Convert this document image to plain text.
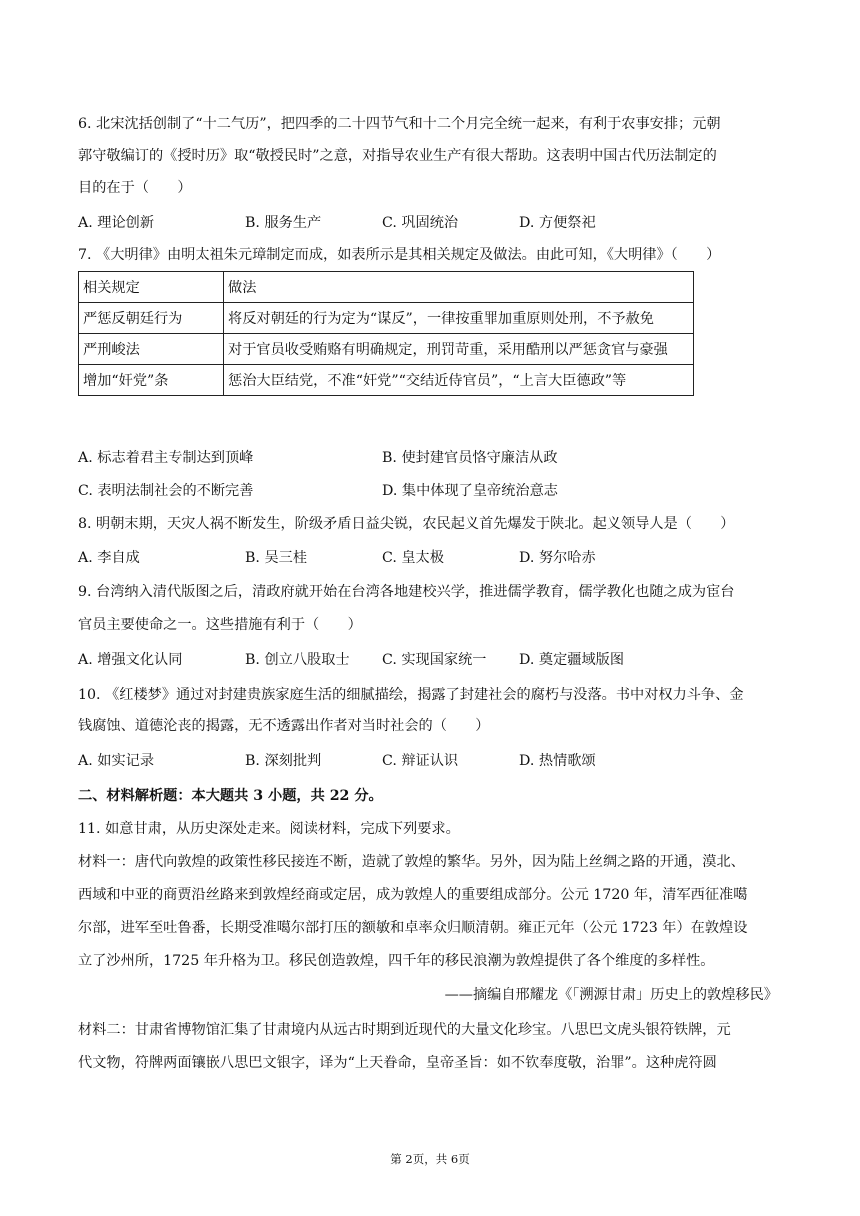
6. 北宋沈括创制了“十二气历”，把四季的二十四节气和十二个月完全统一起来，有利于农事安排；元朝
郭守敬编订的《授时历》取“敬授民时”之意，对指导农业生产有很大帮助。这表明中国古代历法制定的
目的在于（　　）
A. 理论创新	B. 服务生产	C. 巩固统治	D. 方便祭祀
7. 《大明律》由明太祖朱元璋制定而成，如表所示是其相关规定及做法。由此可知，《大明律》（　　）
相关规定	做法
严惩反朝廷行为	将反对朝廷的行为定为“谋反”，一律按重罪加重原则处刑，不予赦免
严刑峻法	对于官员收受贿赂有明确规定，刑罚苛重，采用酷刑以严惩贪官与豪强
增加“奸党”条	惩治大臣结党，不准“奸党”“交结近侍官员”，“上言大臣德政”等
A. 标志着君主专制达到顶峰	B. 使封建官员恪守廉洁从政
C. 表明法制社会的不断完善	D. 集中体现了皇帝统治意志
8. 明朝末期，天灾人祸不断发生，阶级矛盾日益尖锐，农民起义首先爆发于陕北。起义领导人是（　　）
A. 李自成	B. 吴三桂	C. 皇太极	D. 努尔哈赤
9. 台湾纳入清代版图之后，清政府就开始在台湾各地建校兴学，推进儒学教育，儒学教化也随之成为宦台
官员主要使命之一。这些措施有利于（　　）
A. 增强文化认同	B. 创立八股取士 C. 实现国家统一 D. 奠定疆域版图
10. 《红楼梦》通过对封建贵族家庭生活的细腻描绘，揭露了封建社会的腐朽与没落。书中对权力斗争、金
钱腐蚀、道德沦丧的揭露，无不透露出作者对当时社会的（　　）
A. 如实记录	B. 深刻批判	C. 辩证认识	D. 热情歌颂
二、材料解析题：本大题共 3 小题，共 22 分。
11. 如意甘肃，从历史深处走来。阅读材料，完成下列要求。
材料一：唐代向敦煌的政策性移民接连不断，造就了敦煌的繁华。另外，因为陆上丝绸之路的开通，漠北、
西域和中亚的商贾沿丝路来到敦煌经商或定居，成为敦煌人的重要组成部分。公元 1720 年，清军西征准噶
尔部，进军至吐鲁番，长期受准噶尔部打压的额敏和卓率众归顺清朝。雍正元年（公元 1723 年）在敦煌设
立了沙州所，1725 年升格为卫。移民创造敦煌，四千年的移民浪潮为敦煌提供了各个维度的多样性。
——摘编自邢耀龙《「溯源甘肃」历史上的敦煌移民》
材料二：甘肃省博物馆汇集了甘肃境内从远古时期到近现代的大量文化珍宝。八思巴文虎头银符铁牌，元
代文物，符牌两面镶嵌八思巴文银字，译为“上天眷命，皇帝圣旨：如不钦奉度敬，治罪”。这种虎符圆
第 2页，共 6页
